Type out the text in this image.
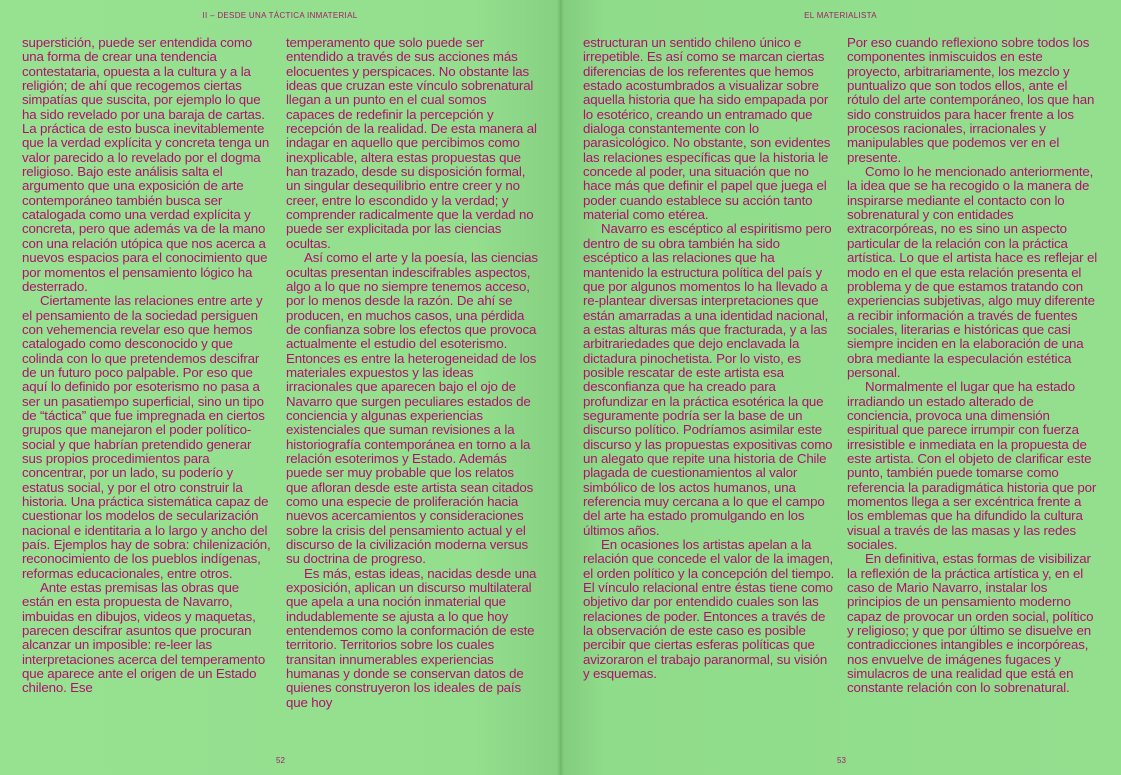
II – DESDE UNA TÁCTICA INMATERIAL

superstición, puede ser entendida como una forma de crear una tendencia contestataria, opuesta a la cultura y a la religión; de ahí que recogemos ciertas simpatías que suscita, por ejemplo lo que ha sido revelado por una baraja de cartas. La práctica de esto busca inevitablemente que la verdad explícita y concreta tenga un valor parecido a lo revelado por el dogma religioso. Bajo este análisis salta el argumento que una exposición de arte contemporáneo también busca ser catalogada como una verdad explícita y concreta, pero que además va de la mano con una relación utópica que nos acerca a nuevos espacios para el conocimiento que por momentos el pensamiento lógico ha desterrado.

Ciertamente las relaciones entre arte y el pensamiento de la sociedad persiguen con vehemencia revelar eso que hemos catalogado como desconocido y que colinda con lo que pretendemos descifrar de un futuro poco palpable. Por eso que aquí lo definido por esoterismo no pasa a ser un pasatiempo superficial, sino un tipo de “táctica” que fue impregnada en ciertos grupos que manejaron el poder político-social y que habrían pretendido generar sus propios procedimientos para concentrar, por un lado, su poderío y estatus social, y por el otro construir la historia. Una práctica sistemática capaz de cuestionar los modelos de secularización nacional e identitaria a lo largo y ancho del país. Ejemplos hay de sobra: chilenización, reconocimiento de los pueblos indígenas, reformas educacionales, entre otros.

Ante estas premisas las obras que están en esta propuesta de Navarro, imbuidas en dibujos, videos y maquetas, parecen descifrar asuntos que procuran alcanzar un imposible: re-leer las interpretaciones acerca del temperamento que aparece ante el origen de un Estado chileno. Ese

temperamento que solo puede ser entendido a través de sus acciones más elocuentes y perspicaces. No obstante las ideas que cruzan este vínculo sobrenatural llegan a un punto en el cual somos capaces de redefinir la percepción y recepción de la realidad. De esta manera al indagar en aquello que percibimos como inexplicable, altera estas propuestas que han trazado, desde su disposición formal, un singular desequilibrio entre creer y no creer, entre lo escondido y la verdad; y comprender radicalmente que la verdad no puede ser explicitada por las ciencias ocultas.

Así como el arte y la poesía, las ciencias ocultas presentan indescifrables aspectos, algo a lo que no siempre tenemos acceso, por lo menos desde la razón. De ahí se producen, en muchos casos, una pérdida de confianza sobre los efectos que provoca actualmente el estudio del esoterismo. Entonces es entre la heterogeneidad de los materiales expuestos y las ideas irracionales que aparecen bajo el ojo de Navarro que surgen peculiares estados de conciencia y algunas experiencias existenciales que suman revisiones a la historiografía contemporánea en torno a la relación esoterimos y Estado. Además puede ser muy probable que los relatos que afloran desde este artista sean citados como una especie de proliferación hacia nuevos acercamientos y consideraciones sobre la crisis del pensamiento actual y el discurso de la civilización moderna versus su doctrina de progreso.

Es más, estas ideas, nacidas desde una exposición, aplican un discurso multilateral que apela a una noción inmaterial que indudablemente se ajusta a lo que hoy entendemos como la conformación de este territorio. Territorios sobre los cuales transitan innumerables experiencias humanas y donde se conservan datos de quienes construyeron los ideales de país que hoy

52
EL MATERIALISTA

estructuran un sentido chileno único e irrepetible. Es así como se marcan ciertas diferencias de los referentes que hemos estado acostumbrados a visualizar sobre aquella historia que ha sido empapada por lo esotérico, creando un entramado que dialoga constantemente con lo parasicológico. No obstante, son evidentes las relaciones específicas que la historia le concede al poder, una situación que no hace más que definir el papel que juega el poder cuando establece su acción tanto material como etérea.

Navarro es escéptico al espiritismo pero dentro de su obra también ha sido escéptico a las relaciones que ha mantenido la estructura política del país y que por algunos momentos lo ha llevado a re-plantear diversas interpretaciones que están amarradas a una identidad nacional, a estas alturas más que fracturada, y a las arbitrariedades que dejo enclavada la dictadura pinochetista. Por lo visto, es posible rescatar de este artista esa desconfianza que ha creado para profundizar en la práctica esotérica la que seguramente podría ser la base de un discurso político. Podríamos asimilar este discurso y las propuestas expositivas como un alegato que repite una historia de Chile plagada de cuestionamientos al valor simbólico de los actos humanos, una referencia muy cercana a lo que el campo del arte ha estado promulgando en los últimos años.

En ocasiones los artistas apelan a la relación que concede el valor de la imagen, el orden político y la concepción del tiempo. El vínculo relacional entre éstas tiene como objetivo dar por entendido cuales son las relaciones de poder. Entonces a través de la observación de este caso es posible percibir que ciertas esferas políticas que avizoraron el trabajo paranormal, su visión y esquemas.

Por eso cuando reflexiono sobre todos los componentes inmiscuidos en este proyecto, arbitrariamente, los mezclo y puntualizo que son todos ellos, ante el rótulo del arte contemporáneo, los que han sido construidos para hacer frente a los procesos racionales, irracionales y manipulables que podemos ver en el presente.

Como lo he mencionado anteriormente, la idea que se ha recogido o la manera de inspirarse mediante el contacto con lo sobrenatural y con entidades extracorpóreas, no es sino un aspecto particular de la relación con la práctica artística. Lo que el artista hace es reflejar el modo en el que esta relación presenta el problema y de que estamos tratando con experiencias subjetivas, algo muy diferente a recibir información a través de fuentes sociales, literarias e históricas que casi siempre inciden en la elaboración de una obra mediante la especulación estética personal.

Normalmente el lugar que ha estado irradiando un estado alterado de conciencia, provoca una dimensión espiritual que parece irrumpir con fuerza irresistible e inmediata en la propuesta de este artista. Con el objeto de clarificar este punto, también puede tomarse como referencia la paradigmática historia que por momentos llega a ser excéntrica frente a los emblemas que ha difundido la cultura visual a través de las masas y las redes sociales.

En definitiva, estas formas de visibilizar la reflexión de la práctica artística y, en el caso de Mario Navarro, instalar los principios de un pensamiento moderno capaz de provocar un orden social, político y religioso; y que por último se disuelve en contradicciones intangibles e incorpóreas, nos envuelve de imágenes fugaces y simulacros de una realidad que está en constante relación con lo sobrenatural.

53
